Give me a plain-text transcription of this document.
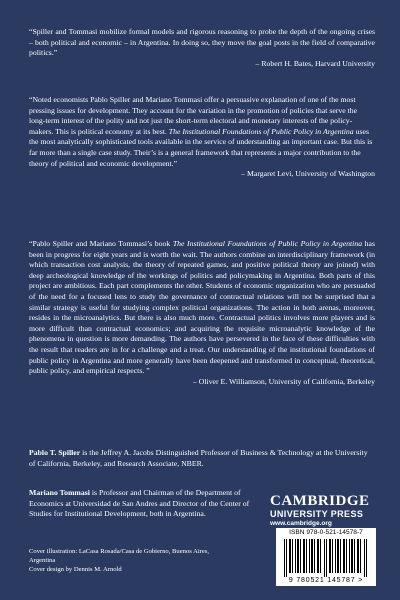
“Spiller and Tommasi mobilize formal models and rigorous reasoning to probe the depth of the ongoing crises – both political and economic – in Argentina. In doing so, they move the goal posts in the field of comparative politics.”
– Robert H. Bates, Harvard University

“Noted economists Pablo Spiller and Mariano Tommasi offer a persuasive explanation of one of the most pressing issues for development. They account for the variation in the promotion of policies that serve the long-term interest of the polity and not just the short-term electoral and monetary interests of the policy-makers. This is political economy at its best. The Institutional Foundations of Public Policy in Argentina uses the most analytically sophisticated tools available in the service of understanding an important case. But this is far more than a single case study. Their’s is a general framework that represents a major contribution to the theory of political and economic development.”
– Margaret Levi, University of Washington

“Pablo Spiller and Mariano Tommasi’s book The Institutional Foundations of Public Policy in Argentina has been in progress for eight years and is worth the wait. The authors combine an interdisciplinary framework (in which transaction cost analysis, the theory of repeated games, and positive political theory are joined) with deep archeological knowledge of the workings of politics and policymaking in Argentina. Both parts of this project are ambitious. Each part complements the other. Students of economic organization who are persuaded of the need for a focused lens to study the governance of contractual relations will not be surprised that a similar strategy is useful for studying complex political organizations. The action in both arenas, moreover, resides in the microanalytics. But there is also much more. Contractual politics involves more players and is more difficult than contractual economics; and acquiring the requisite microanalytic knowledge of the phenomena in question is more demanding. The authors have persevered in the face of these difficulties with the result that readers are in for a challenge and a treat. Our understanding of the institutional foundations of public policy in Argentina and more generally have been deepened and transformed in conceptual, theoretical, public policy, and empirical respects. ”
– Oliver E. Williamson, University of California, Berkeley

Pablo T. Spiller is the Jeffrey A. Jacobs Distinguished Professor of Business & Technology at the University of California, Berkeley, and Research Associate, NBER.

Mariano Tommasi is Professor and Chairman of the Department of Economics at Universidad de San Andres and Director of the Center of Studies for Institutional Development, both in Argentina.

Cover illustration: LaCasa Rosada/Casa de Gobierno, Buenos Aires, Argentina
Cover design by Dennis M. Arnold

CAMBRIDGE
UNIVERSITY PRESS
www.cambridge.org
ISBN 978-0-521-14578-7
9 780521 145787 >
